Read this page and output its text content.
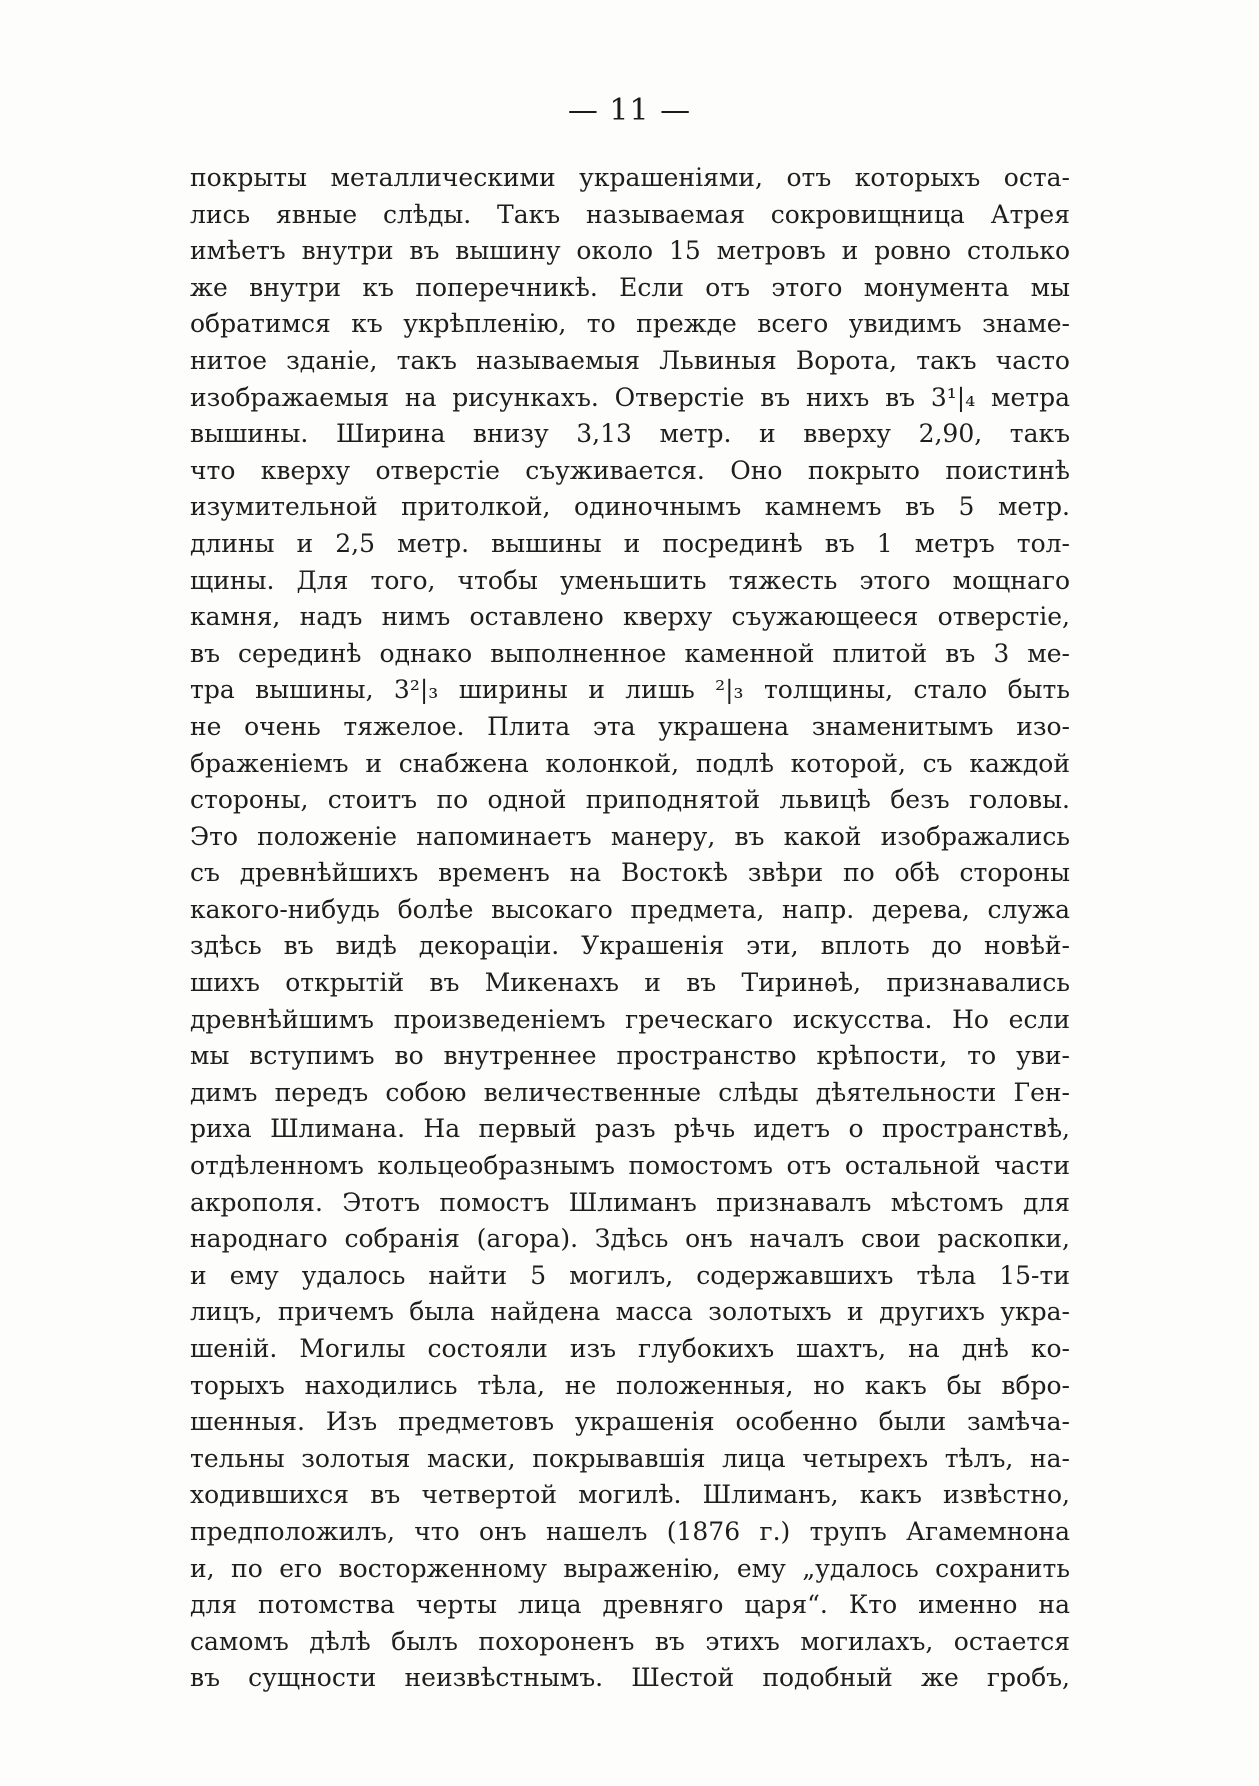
— 11 —
покрыты металлическими украшеніями, отъ которыхъ оста-
лись явные слѣды. Такъ называемая сокровищница Атрея
имѣетъ внутри въ вышину около 15 метровъ и ровно столько
же внутри къ поперечникѣ. Если отъ этого монумента мы
обратимся къ укрѣпленію, то прежде всего увидимъ знаме-
нитое зданіе, такъ называемыя Львиныя Ворота, такъ часто
изображаемыя на рисункахъ. Отверстіе въ нихъ въ 3¹|₄ метра
вышины. Ширина внизу 3,13 метр. и вверху 2,90, такъ
что кверху отверстіе съуживается. Оно покрыто поистинѣ
изумительной притолкой, одиночнымъ камнемъ въ 5 метр.
длины и 2,5 метр. вышины и посрединѣ въ 1 метръ тол-
щины. Для того, чтобы уменьшить тяжесть этого мощнаго
камня, надъ нимъ оставлено кверху съужающееся отверстіе,
въ серединѣ однако выполненное каменной плитой въ 3 ме-
тра вышины, 3²|₃ ширины и лишь ²|₃ толщины, стало быть
не очень тяжелое. Плита эта украшена знаменитымъ изо-
браженіемъ и снабжена колонкой, подлѣ которой, съ каждой
стороны, стоитъ по одной приподнятой львицѣ безъ головы.
Это положеніе напоминаетъ манеру, въ какой изображались
съ древнѣйшихъ временъ на Востокѣ звѣри по обѣ стороны
какого-нибудь болѣе высокаго предмета, напр. дерева, служа
здѣсь въ видѣ декораціи. Украшенія эти, вплоть до новѣй-
шихъ открытій въ Микенахъ и въ Тиринѳѣ, признавались
древнѣйшимъ произведеніемъ греческаго искусства. Но если
мы вступимъ во внутреннее пространство крѣпости, то уви-
димъ передъ собою величественные слѣды дѣятельности Ген-
риха Шлимана. На первый разъ рѣчь идетъ о пространствѣ,
отдѣленномъ кольцеобразнымъ помостомъ отъ остальной части
акрополя. Этотъ помостъ Шлиманъ признавалъ мѣстомъ для
народнаго собранія (агора). Здѣсь онъ началъ свои раскопки,
и ему удалось найти 5 могилъ, содержавшихъ тѣла 15-ти
лицъ, причемъ была найдена масса золотыхъ и другихъ укра-
шеній. Могилы состояли изъ глубокихъ шахтъ, на днѣ ко-
торыхъ находились тѣла, не положенныя, но какъ бы вбро-
шенныя. Изъ предметовъ украшенія особенно были замѣча-
тельны золотыя маски, покрывавшія лица четырехъ тѣлъ, на-
ходившихся въ четвертой могилѣ. Шлиманъ, какъ извѣстно,
предположилъ, что онъ нашелъ (1876 г.) трупъ Агамемнона
и, по его восторженному выраженію, ему „удалось сохранить
для потомства черты лица древняго царя“. Кто именно на
самомъ дѣлѣ былъ похороненъ въ этихъ могилахъ, остается
въ сущности неизвѣстнымъ. Шестой подобный же гробъ,
